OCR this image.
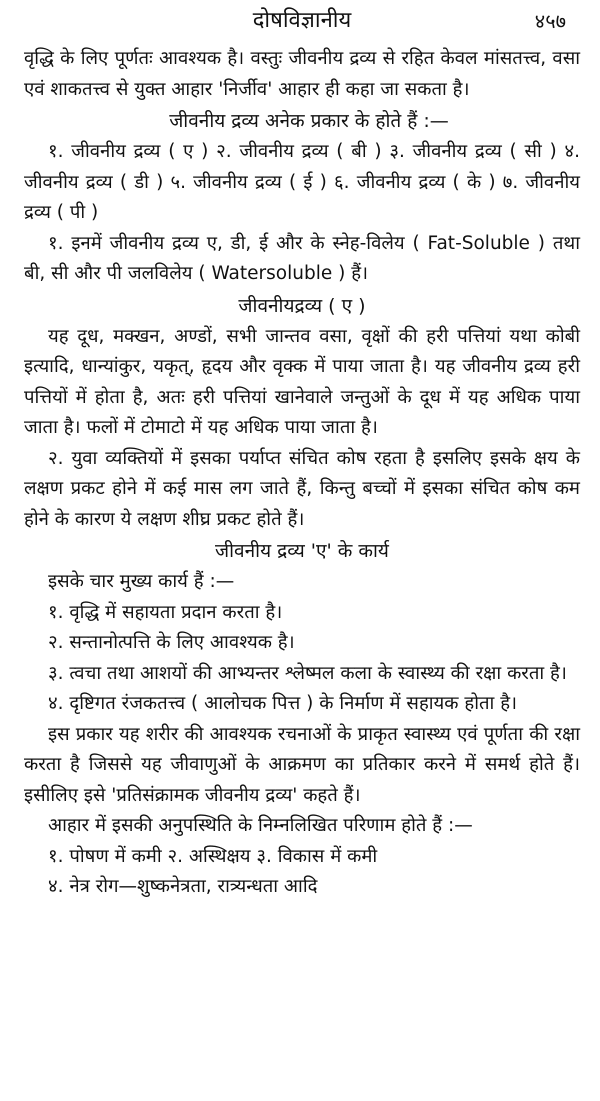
दोषविज्ञानीय	४५७

वृद्धि के लिए पूर्णतः आवश्यक है। वस्तुः जीवनीय द्रव्य से रहित केवल मांसतत्त्व, वसा एवं शाकतत्त्व से युक्त आहार 'निर्जीव' आहार ही कहा जा सकता है।

जीवनीय द्रव्य अनेक प्रकार के होते हैं :—

१. जीवनीय द्रव्य ( ए ) २. जीवनीय द्रव्य ( बी ) ३. जीवनीय द्रव्य ( सी ) ४. जीवनीय द्रव्य ( डी ) ५. जीवनीय द्रव्य ( ई ) ६. जीवनीय द्रव्य ( के ) ७. जीवनीय द्रव्य ( पी )

१. इनमें जीवनीय द्रव्य ए, डी, ई और के स्नेह-विलेय ( Fat-Soluble ) तथा बी, सी और पी जलविलेय ( Watersoluble ) हैं।

जीवनीयद्रव्य ( ए )

यह दूध, मक्खन, अण्डों, सभी जान्तव वसा, वृक्षों की हरी पत्तियां यथा कोबी इत्यादि, धान्यांकुर, यकृत्, हृदय और वृक्क में पाया जाता है। यह जीवनीय द्रव्य हरी पत्तियों में होता है, अतः हरी पत्तियां खानेवाले जन्तुओं के दूध में यह अधिक पाया जाता है। फलों में टोमाटो में यह अधिक पाया जाता है।

२. युवा व्यक्तियों में इसका पर्याप्त संचित कोष रहता है इसलिए इसके क्षय के लक्षण प्रकट होने में कई मास लग जाते हैं, किन्तु बच्चों में इसका संचित कोष कम होने के कारण ये लक्षण शीघ्र प्रकट होते हैं।

जीवनीय द्रव्य 'ए' के कार्य

इसके चार मुख्य कार्य हैं :—

१. वृद्धि में सहायता प्रदान करता है।

२. सन्तानोत्पत्ति के लिए आवश्यक है।

३. त्वचा तथा आशयों की आभ्यन्तर श्लेष्मल कला के स्वास्थ्य की रक्षा करता है।

४. दृष्टिगत रंजकतत्त्व ( आलोचक पित्त ) के निर्माण में सहायक होता है।

इस प्रकार यह शरीर की आवश्यक रचनाओं के प्राकृत स्वास्थ्य एवं पूर्णता की रक्षा करता है जिससे यह जीवाणुओं के आक्रमण का प्रतिकार करने में समर्थ होते हैं। इसीलिए इसे 'प्रतिसंक्रामक जीवनीय द्रव्य' कहते हैं।

आहार में इसकी अनुपस्थिति के निम्नलिखित परिणाम होते हैं :—

१. पोषण में कमी २. अस्थिक्षय ३. विकास में कमी

४. नेत्र रोग—शुष्कनेत्रता, रात्र्यन्धता आदि
